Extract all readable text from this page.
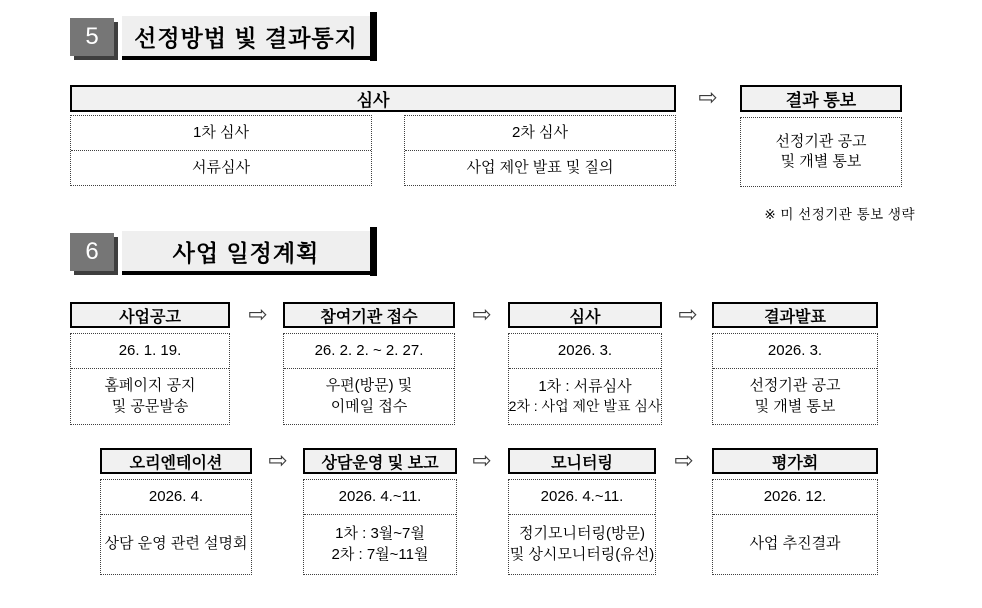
5	선정방법 빛 결과통지
심사
1차 심사
서류심사
2차 심사
사업 제안 발표 및 질의
⇨	결과 통보
선정기관 공고
및 개별 통보
※ 미 선정기관 통보 생략
6	사업 일정계획
사업공고
26. 1. 19.
홈페이지 공지
및 공문발송
⇨	참여기관 접수
26. 2. 2. ~ 2. 27.
우편(방문) 및
이메일 접수
⇨	심사
2026. 3.
1차 : 서류심사
2차 : 사업 제안 발표 심사
⇨	결과발표
2026. 3.
선정기관 공고
및 개별 통보
오리엔테이션
2026. 4.
상담 운영 관련 설명회
⇨	상담운영 및 보고
2026. 4.~11.
1차 : 3월~7월
2차 : 7월~11월
⇨	모니터링
2026. 4.~11.
정기모니터링(방문)
및 상시모니터링(유선)
⇨	평가회
2026. 12.
사업 추진결과
